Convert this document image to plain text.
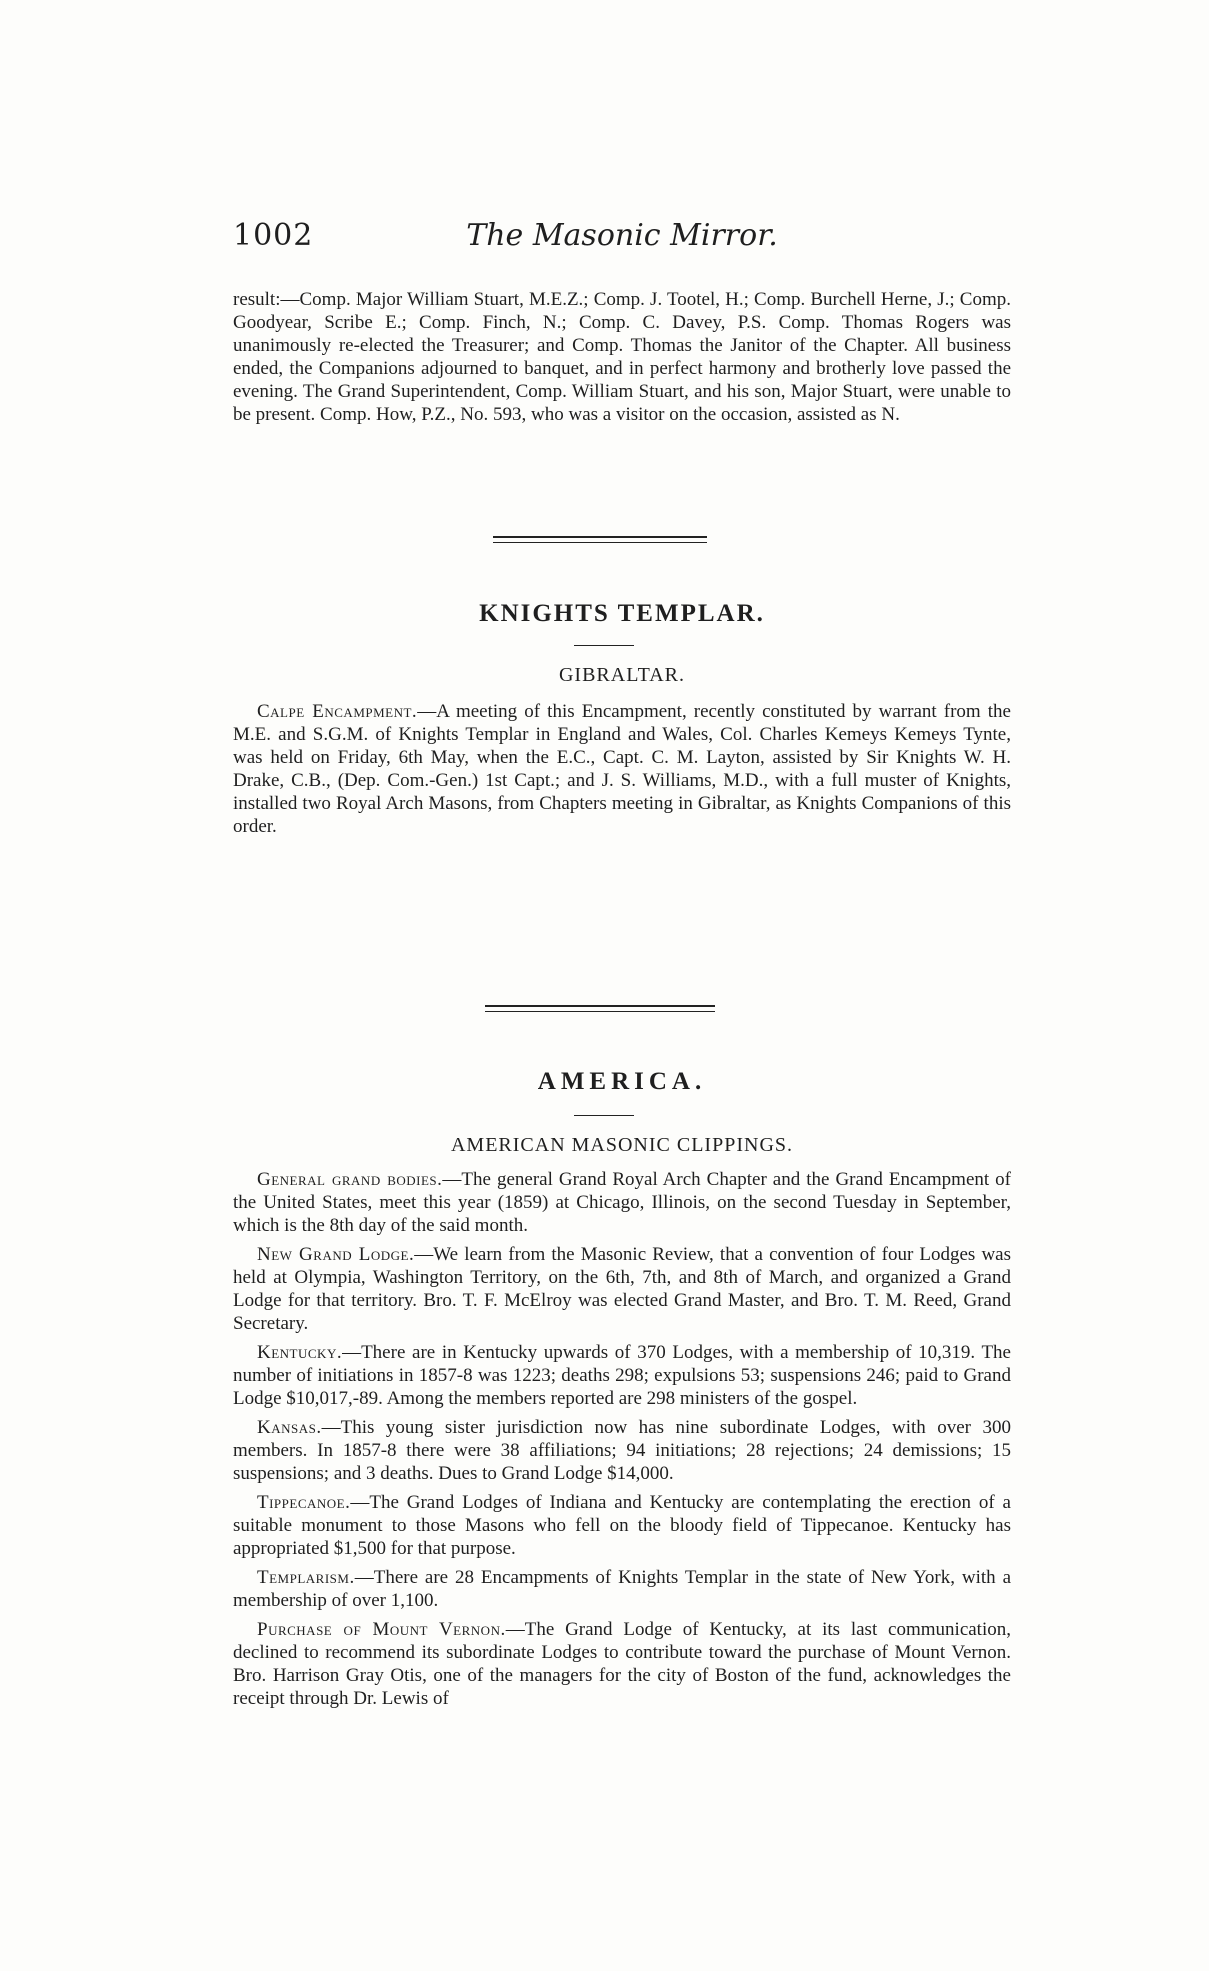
1002	The Masonic Mirror.

result:—Comp. Major William Stuart, M.E.Z.; Comp. J. Tootel, H.; Comp. Burchell Herne, J.; Comp. Goodyear, Scribe E.; Comp. Finch, N.; Comp. C. Davey, P.S. Comp. Thomas Rogers was unanimously re-elected the Treasurer; and Comp. Thomas the Janitor of the Chapter. All business ended, the Companions adjourned to banquet, and in perfect harmony and brotherly love passed the evening. The Grand Superintendent, Comp. William Stuart, and his son, Major Stuart, were unable to be present. Comp. How, P.Z., No. 593, who was a visitor on the occasion, assisted as N.

KNIGHTS TEMPLAR.
GIBRALTAR.

Calpe Encampment.—A meeting of this Encampment, recently constituted by warrant from the M.E. and S.G.M. of Knights Templar in England and Wales, Col. Charles Kemeys Kemeys Tynte, was held on Friday, 6th May, when the E.C., Capt. C. M. Layton, assisted by Sir Knights W. H. Drake, C.B., (Dep. Com.-Gen.) 1st Capt.; and J. S. Williams, M.D., with a full muster of Knights, installed two Royal Arch Masons, from Chapters meeting in Gibraltar, as Knights Companions of this order.

AMERICA.
AMERICAN MASONIC CLIPPINGS.

General grand bodies.—The general Grand Royal Arch Chapter and the Grand Encampment of the United States, meet this year (1859) at Chicago, Illinois, on the second Tuesday in September, which is the 8th day of the said month.

New Grand Lodge.—We learn from the Masonic Review, that a convention of four Lodges was held at Olympia, Washington Territory, on the 6th, 7th, and 8th of March, and organized a Grand Lodge for that territory. Bro. T. F. McElroy was elected Grand Master, and Bro. T. M. Reed, Grand Secretary.

Kentucky.—There are in Kentucky upwards of 370 Lodges, with a membership of 10,319. The number of initiations in 1857-8 was 1223; deaths 298; expulsions 53; suspensions 246; paid to Grand Lodge $10,017,-89. Among the members reported are 298 ministers of the gospel.

Kansas.—This young sister jurisdiction now has nine subordinate Lodges, with over 300 members. In 1857-8 there were 38 affiliations; 94 initiations; 28 rejections; 24 demissions; 15 suspensions; and 3 deaths. Dues to Grand Lodge $14,000.

Tippecanoe.—The Grand Lodges of Indiana and Kentucky are contemplating the erection of a suitable monument to those Masons who fell on the bloody field of Tippecanoe. Kentucky has appropriated $1,500 for that purpose.

Templarism.—There are 28 Encampments of Knights Templar in the state of New York, with a membership of over 1,100.

Purchase of Mount Vernon.—The Grand Lodge of Kentucky, at its last communication, declined to recommend its subordinate Lodges to contribute toward the purchase of Mount Vernon. Bro. Harrison Gray Otis, one of the managers for the city of Boston of the fund, acknowledges the receipt through Dr. Lewis of
